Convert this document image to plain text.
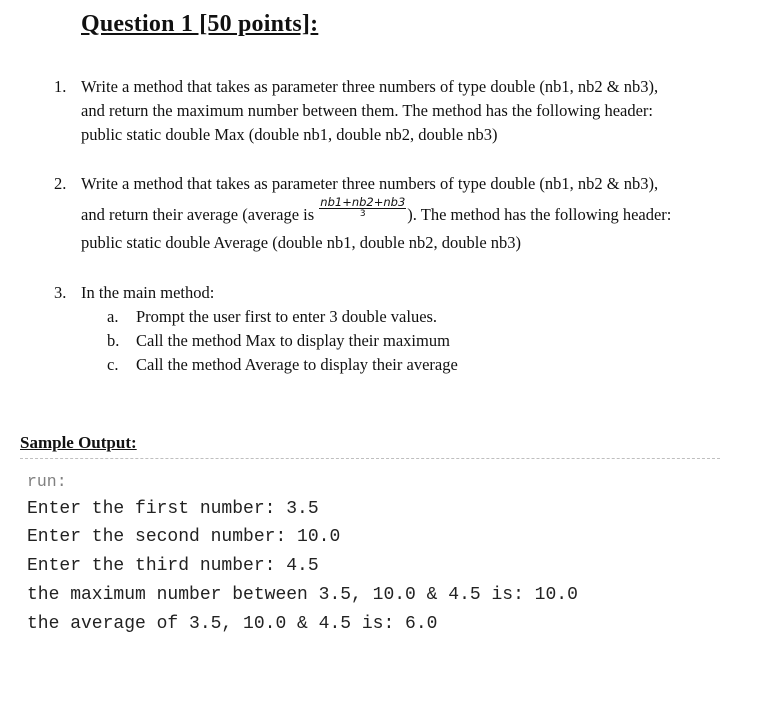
Question 1 [50 points]:
1. Write a method that takes as parameter three numbers of type double (nb1, nb2 & nb3),
and return the maximum number between them. The method has the following header:
public static double Max (double nb1, double nb2, double nb3)
2. Write a method that takes as parameter three numbers of type double (nb1, nb2 & nb3),
and return their average (average is $\frac{nb1+nb2+nb3}{3}$ ). The method has the following header:
public static double Average (double nb1, double nb2, double nb3)
3. In the main method:
a. Prompt the user first to enter 3 double values.
b. Call the method Max to display their maximum
c. Call the method Average to display their average
Sample Output:
run:
Enter the first number: 3.5
Enter the second number: 10.0
Enter the third number: 4.5
the maximum number between 3.5, 10.0 & 4.5 is: 10.0
the average of 3.5, 10.0 & 4.5 is: 6.0
